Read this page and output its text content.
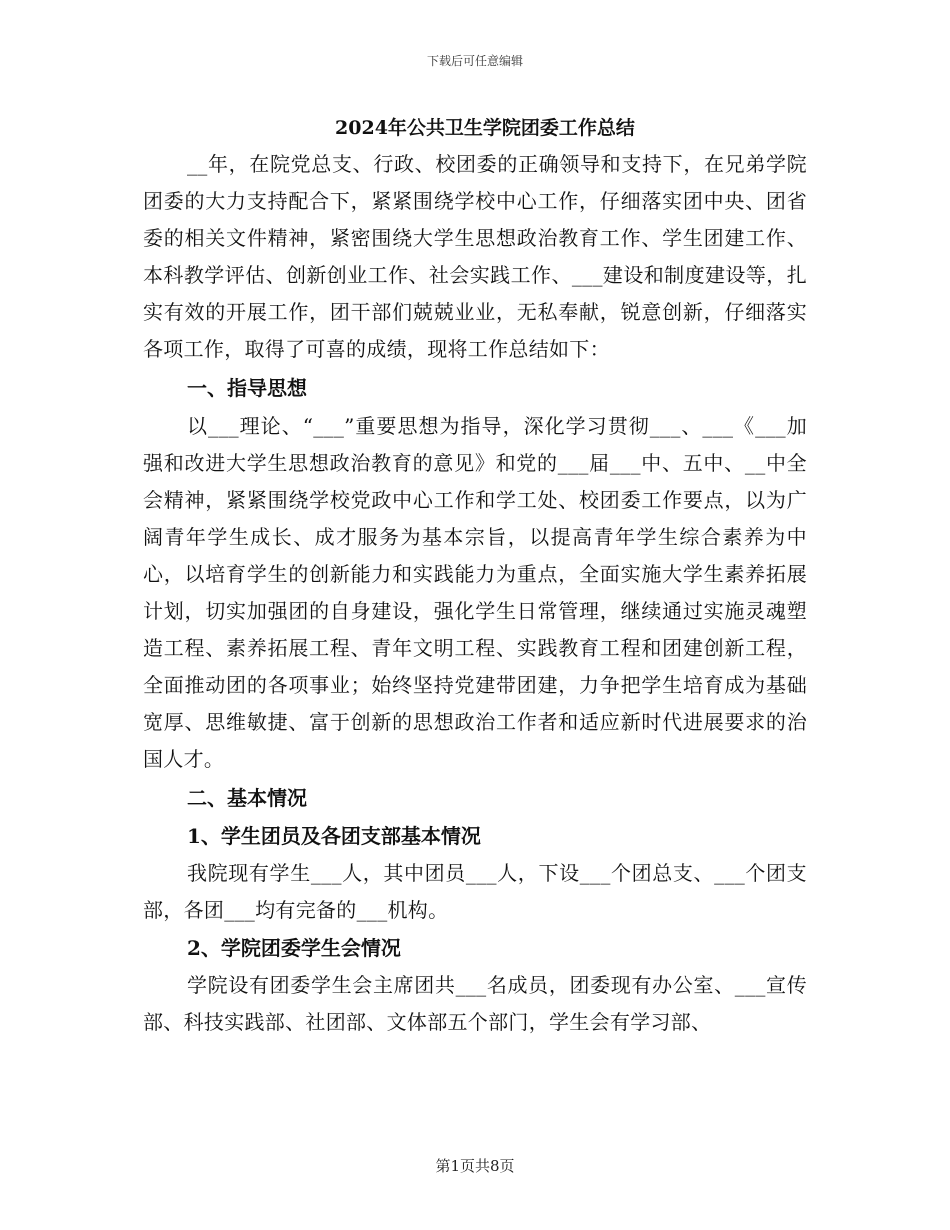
下载后可任意编辑
2024年公共卫生学院团委工作总结

__年，在院党总支、行政、校团委的正确领导和支持下，在兄弟学院团委的大力支持配合下，紧紧围绕学校中心工作，仔细落实团中央、团省委的相关文件精神，紧密围绕大学生思想政治教育工作、学生团建工作、本科教学评估、创新创业工作、社会实践工作、___建设和制度建设等，扎实有效的开展工作，团干部们兢兢业业，无私奉献，锐意创新，仔细落实各项工作，取得了可喜的成绩，现将工作总结如下：

一、指导思想

以___理论、“___”重要思想为指导，深化学习贯彻___、___《___加强和改进大学生思想政治教育的意见》和党的___届___中、五中、__中全会精神，紧紧围绕学校党政中心工作和学工处、校团委工作要点，以为广阔青年学生成长、成才服务为基本宗旨，以提高青年学生综合素养为中心，以培育学生的创新能力和实践能力为重点，全面实施大学生素养拓展计划，切实加强团的自身建设，强化学生日常管理，继续通过实施灵魂塑造工程、素养拓展工程、青年文明工程、实践教育工程和团建创新工程，全面推动团的各项事业；始终坚持党建带团建，力争把学生培育成为基础宽厚、思维敏捷、富于创新的思想政治工作者和适应新时代进展要求的治国人才。

二、基本情况

1、学生团员及各团支部基本情况

我院现有学生___人，其中团员___人，下设___个团总支、___个团支部，各团___均有完备的___机构。

2、学院团委学生会情况

学院设有团委学生会主席团共___名成员，团委现有办公室、___宣传部、科技实践部、社团部、文体部五个部门，学生会有学习部、

第1页共8页
